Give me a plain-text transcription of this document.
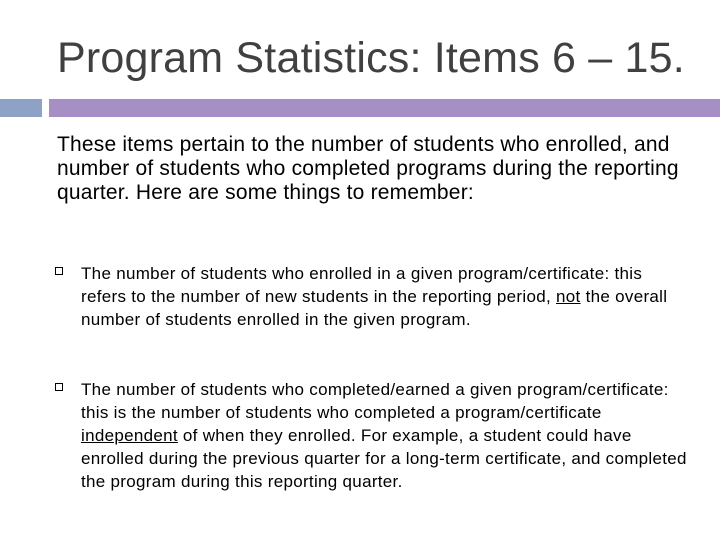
Program Statistics: Items 6 – 15.
These items pertain to the number of students who enrolled, and number of students who completed programs during the reporting quarter. Here are some things to remember:
The number of students who enrolled in a given program/certificate: this refers to the number of new students in the reporting period, not the overall number of students enrolled in the given program.
The number of students who completed/earned a given program/certificate: this is the number of students who completed a program/certificate independent of when they enrolled. For example, a student could have enrolled during the previous quarter for a long-term certificate, and completed the program during this reporting quarter.
